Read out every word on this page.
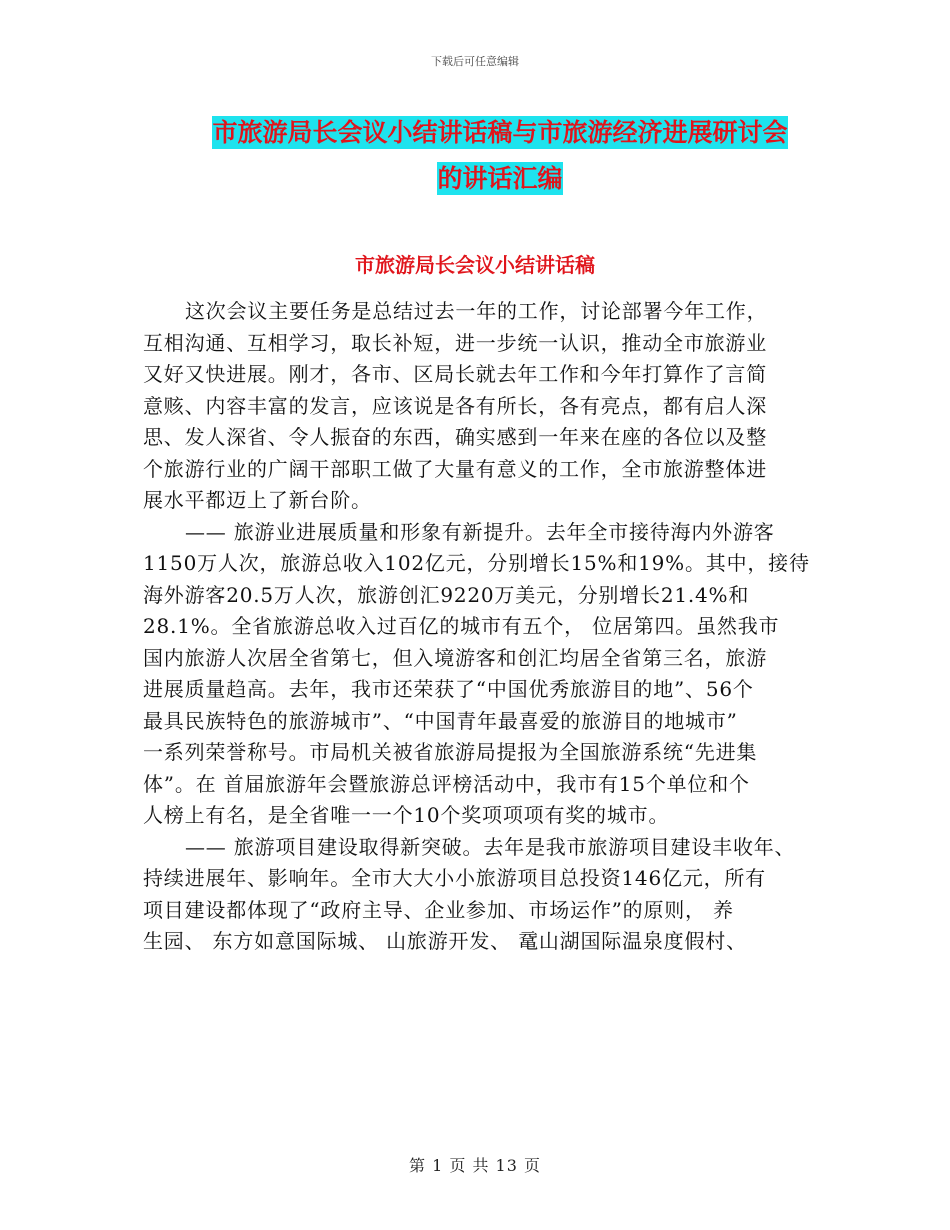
下载后可任意编辑
市旅游局长会议小结讲话稿与市旅游经济进展研讨会
的讲话汇编
市旅游局长会议小结讲话稿
这次会议主要任务是总结过去一年的工作，讨论部署今年工作，
互相沟通、互相学习，取长补短，进一步统一认识，推动全市旅游业
又好又快进展。刚才，各市、区局长就去年工作和今年打算作了言简
意赅、内容丰富的发言，应该说是各有所长，各有亮点，都有启人深
思、发人深省、令人振奋的东西，确实感到一年来在座的各位以及整
个旅游行业的广阔干部职工做了大量有意义的工作，全市旅游整体进
展水平都迈上了新台阶。
—— 旅游业进展质量和形象有新提升。去年全市接待海内外游客
1150万人次，旅游总收入102亿元，分别增长15%和19%。其中，接待
海外游客20.5万人次，旅游创汇9220万美元，分别增长21.4%和
28.1%。全省旅游总收入过百亿的城市有五个， 位居第四。虽然我市
国内旅游人次居全省第七，但入境游客和创汇均居全省第三名，旅游
进展质量趋高。去年，我市还荣获了“中国优秀旅游目的地”、56个
最具民族特色的旅游城市”、“中国青年最喜爱的旅游目的地城市”
一系列荣誉称号。市局机关被省旅游局提报为全国旅游系统“先进集
体”。在 首届旅游年会暨旅游总评榜活动中，我市有15个单位和个
人榜上有名，是全省唯一一个10个奖项项项有奖的城市。
—— 旅游项目建设取得新突破。去年是我市旅游项目建设丰收年、
持续进展年、影响年。全市大大小小旅游项目总投资146亿元，所有
项目建设都体现了“政府主导、企业参加、市场运作”的原则， 养
生园、 东方如意国际城、 山旅游开发、 鼋山湖国际温泉度假村、
第 1 页 共 13 页
